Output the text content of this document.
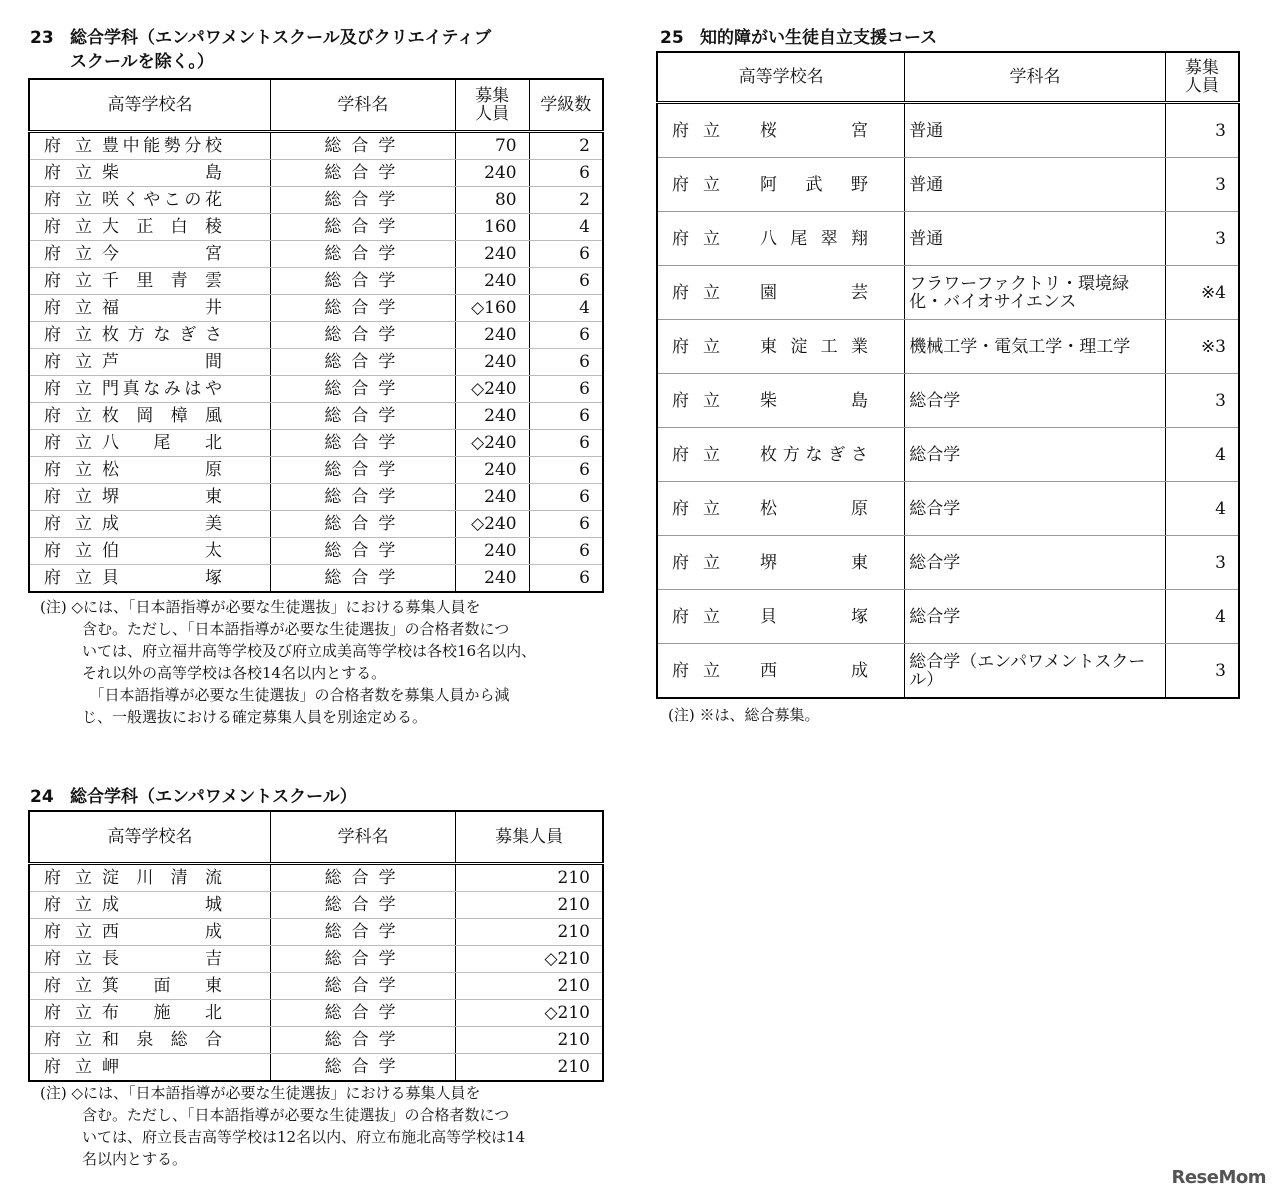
23 総合学科（エンパワメントスクール及びクリエイティブ
スクールを除く。）
高等学校名	学科名	募集
人員	学級数
府立豊中能勢分校	総合学	70	2
府立柴島	総合学	240	6
府立咲くやこの花	総合学	80	2
府立大正白稜	総合学	160	4
府立今宮	総合学	240	6
府立千里青雲	総合学	240	6
府立福井	総合学	◇160	4
府立枚方なぎさ	総合学	240	6
府立芦間	総合学	240	6
府立門真なみはや	総合学	◇240	6
府立枚岡樟風	総合学	240	6
府立八尾北	総合学	◇240	6
府立松原	総合学	240	6
府立堺東	総合学	240	6
府立成美	総合学	◇240	6
府立伯太	総合学	240	6
府立貝塚	総合学	240	6
(注) ◇には、「日本語指導が必要な生徒選抜」における募集人員を
含む。ただし、「日本語指導が必要な生徒選抜」の合格者数につ
いては、府立福井高等学校及び府立成美高等学校は各校16名以内、
それ以外の高等学校は各校14名以内とする。
　「日本語指導が必要な生徒選抜」の合格者数を募集人員から減
じ、一般選抜における確定募集人員を別途定める。
24 総合学科（エンパワメントスクール）
高等学校名	学科名	募集人員
府立淀川清流	総合学	210
府立成城	総合学	210
府立西成	総合学	210
府立長吉	総合学	◇210
府立箕面東	総合学	210
府立布施北	総合学	◇210
府立和泉総合	総合学	210
府立岬	総合学	210
(注) ◇には、「日本語指導が必要な生徒選抜」における募集人員を
含む。ただし、「日本語指導が必要な生徒選抜」の合格者数につ
いては、府立長吉高等学校は12名以内、府立布施北高等学校は14
名以内とする。
25 知的障がい生徒自立支援コース
高等学校名	学科名	募集
人員
府立 桜宮	普通	3
府立 阿武野	普通	3
府立 八尾翠翔	普通	3
府立 園芸	フラワーファクトリ・環境緑化・バイオサイエンス	※4
府立 東淀工業	機械工学・電気工学・理工学	※3
府立 柴島	総合学	3
府立 枚方なぎさ	総合学	4
府立 松原	総合学	4
府立 堺東	総合学	3
府立 貝塚	総合学	4
府立 西成	総合学（エンパワメントスクール）	3
(注) ※は、総合募集。
ReseMom
